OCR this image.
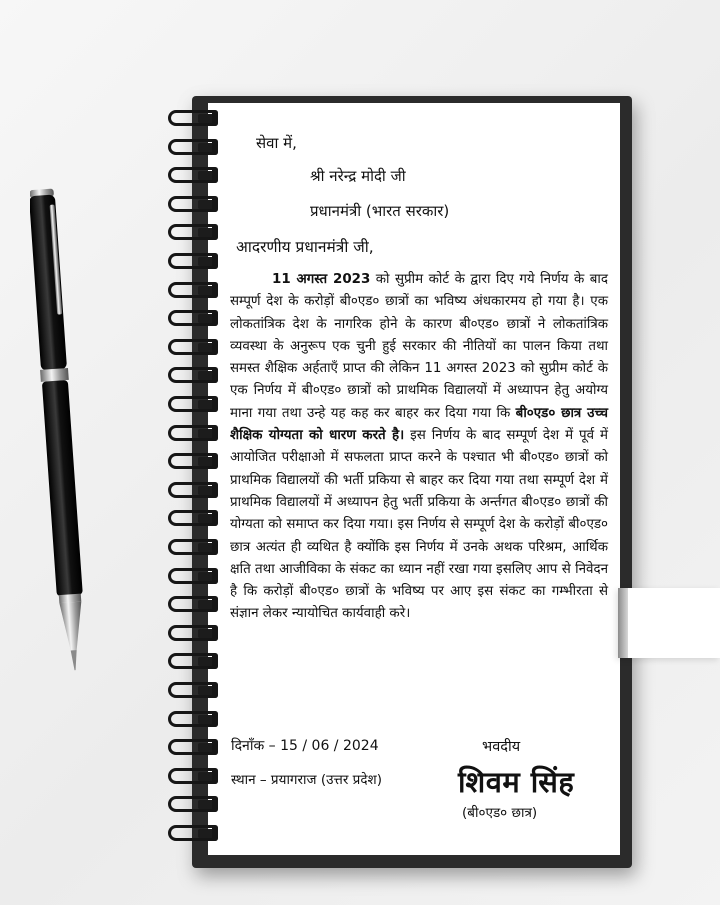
सेवा में,
श्री नरेन्द्र मोदी जी
प्रधानमंत्री (भारत सरकार)
आदरणीय प्रधानमंत्री जी,
11 अगस्त 2023 को सुप्रीम कोर्ट के द्वारा दिए गये निर्णय के बाद सम्पूर्ण देश के करोड़ों बी०एड० छात्रों का भविष्य अंधकारमय हो गया है। एक लोकतांत्रिक देश के नागरिक होने के कारण बी०एड० छात्रों ने लोकतांत्रिक व्यवस्था के अनुरूप एक चुनी हुई सरकार की नीतियों का पालन किया तथा समस्त शैक्षिक अर्हताएँ प्राप्त की लेकिन 11 अगस्त 2023 को सुप्रीम कोर्ट के एक निर्णय में बी०एड० छात्रों को प्राथमिक विद्यालयों में अध्यापन हेतु अयोग्य माना गया तथा उन्हे यह कह कर बाहर कर दिया गया कि बी०एड० छात्र उच्च शैक्षिक योग्यता को धारण करते है। इस निर्णय के बाद सम्पूर्ण देश में पूर्व में आयोजित परीक्षाओ में सफलता प्राप्त करने के पश्चात भी बी०एड० छात्रों को प्राथमिक विद्यालयों की भर्ती प्रकिया से बाहर कर दिया गया तथा सम्पूर्ण देश में प्राथमिक विद्यालयों में अध्यापन हेतु भर्ती प्रकिया के अर्न्तगत बी०एड० छात्रों की योग्यता को समाप्त कर दिया गया। इस निर्णय से सम्पूर्ण देश के करोड़ों बी०एड० छात्र अत्यंत ही व्यथित है क्योंकि इस निर्णय में उनके अथक परिश्रम, आर्थिक क्षति तथा आजीविका के संकट का ध्यान नहीं रखा गया इसलिए आप से निवेदन है कि करोड़ों बी०एड० छात्रों के भविष्य पर आए इस संकट का गम्भीरता से संज्ञान लेकर न्यायोचित कार्यवाही करे।
दिनाँक – 15 / 06 / 2024
स्थान – प्रयागराज (उत्तर प्रदेश)
भवदीय
शिवम सिंह
(बी०एड० छात्र)
